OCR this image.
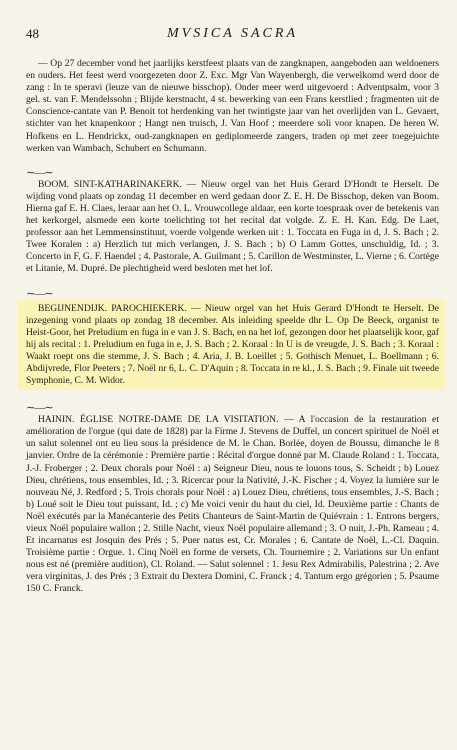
48	MVSICA SACRA

— Op 27 december vond het jaarlijks kerstfeest plaats van de zangknapen, aangeboden aan weldoeners en ouders. Het feest werd voorgezeten door Z. Exc. Mgr Van Wayenbergh, die verwelkomd werd door de zang : In te speravi (leuze van de nieuwe bisschop). Onder meer werd uitgevoerd : Adventpsalm, voor 3 gel. st. van F. Mendelssohn ; Blijde kerstnacht, 4 st. bewerking van een Frans kerstlied ; fragmenten uit de Conscience-cantate van P. Benoit tot herdenking van het twintigste jaar van het overlijden van L. Gevaert, stichter van het knapenkoor ; Hangt nen truisch, J. Van Hoof ; meerdere soli voor knapen. De heren W. Hofkens en L. Hendrickx, oud-zangknapen en gediplomeerde zangers, traden op met zeer toegejuichte werken van Wambach, Schubert en Schumann.

∼—∼

BOOM. SINT-KATHARINAKERK. — Nieuw orgel van het Huis Gerard D'Hondt te Herselt. De wijding vond plaats op zondag 11 december en werd gedaan door Z. E. H. De Bisschop, deken van Boom. Hierna gaf E. H. Claes, leraar aan het O. L. Vrouwcollege aldaar, een korte toespraak over de betekenis van het kerkorgel, alsmede een korte toelichting tot het recital dat volgde. Z. E. H. Kan. Edg. De Laet, professor aan het Lemmensinstituut, voerde volgende werken uit : 1. Toccata en Fuga in d, J. S. Bach ; 2. Twee Koralen : a) Herzlich tut mich verlangen, J. S. Bach ; b) O Lamm Gottes, unschuldig, Id. ; 3. Concerto in F, G. F. Haendel ; 4. Pastorale, A. Guilmant ; 5. Carillon de Westminster, L. Vierne ; 6. Cortège et Litanie, M. Dupré. De plechtigheid werd besloten met het lof.

∼—∼

BEGIJNENDIJK. PAROCHIEKERK. — Nieuw orgel van het Huis Gerard D'Hondt te Herselt. De inzegening vond plaats op zondag 18 december. Als inleiding speelde dhr L. Op De Beeck, organist te Heist-Goor, het Preludium en fuga in e van J. S. Bach, en na het lof, gezongen door het plaatselijk koor, gaf hij als recital : 1. Preludium en fuga in e, J. S. Bach ; 2. Koraal : In U is de vreugde, J. S. Bach ; 3. Koraal : Waakt roept ons die stemme, J. S. Bach ; 4. Aria, J. B. Loeillet ; 5. Gothisch Menuet, L. Boellmann ; 6. Abdijvrede, Flor Peeters ; 7. Noël nr 6, L. C. D'Aquin ; 8. Toccata in re kl., J. S. Bach ; 9. Finale uit tweede Symphonie, C. M. Widor.

∼—∼

HAININ. ÉGLISE NOTRE-DAME DE LA VISITATION. — A l'occasion de la restauration et amélioration de l'orgue (qui date de 1828) par la Firme J. Stevens de Duffel, un concert spirituel de Noël et un salut solennel ont eu lieu sous la présidence de M. le Chan. Borlée, doyen de Boussu, dimanche le 8 janvier. Ordre de la cérémonie : Première partie : Récital d'orgue donné par M. Claude Roland : 1. Toccata, J.-J. Froberger ; 2. Deux chorals pour Noël : a) Seigneur Dieu, nous te louons tous, S. Scheidt ; b) Louez Dieu, chrétiens, tous ensembles, Id. ; 3. Ricercar pour la Nativité, J.-K. Fischer ; 4. Voyez la lumière sur le nouveau Né, J. Redford ; 5. Trois chorals pour Noël : a) Louez Dieu, chrétiens, tous ensembles, J.-S. Bach ; b) Loué soit le Dieu tout puissant, Id. ; c) Me voici venir du haut du ciel, Id. Deuxième partie : Chants de Noël exécutés par la Manécanterie des Petits Chanteurs de Saint-Martin de Quiévrain : 1. Entrons bergers, vieux Noël populaire wallon ; 2. Stille Nacht, vieux Noël populaire allemand ; 3. O nuit, J.-Ph. Rameau ; 4. Et incarnatus est Josquin des Prés ; 5. Puer natus est, Cr. Morales ; 6. Cantate de Noël, L.-Cl. Daquin. Troisième partie : Orgue. 1. Cinq Noël en forme de versets, Ch. Tournemire ; 2. Variations sur Un enfant nous est né (première audition), Cl. Roland. — Salut solennel : 1. Jesu Rex Admirabilis, Palestrina ; 2. Ave vera virginitas, J. des Prés ; 3 Extrait du Dextera Domini, C. Franck ; 4. Tantum ergo grégorien ; 5. Psaume 150 C. Franck.
